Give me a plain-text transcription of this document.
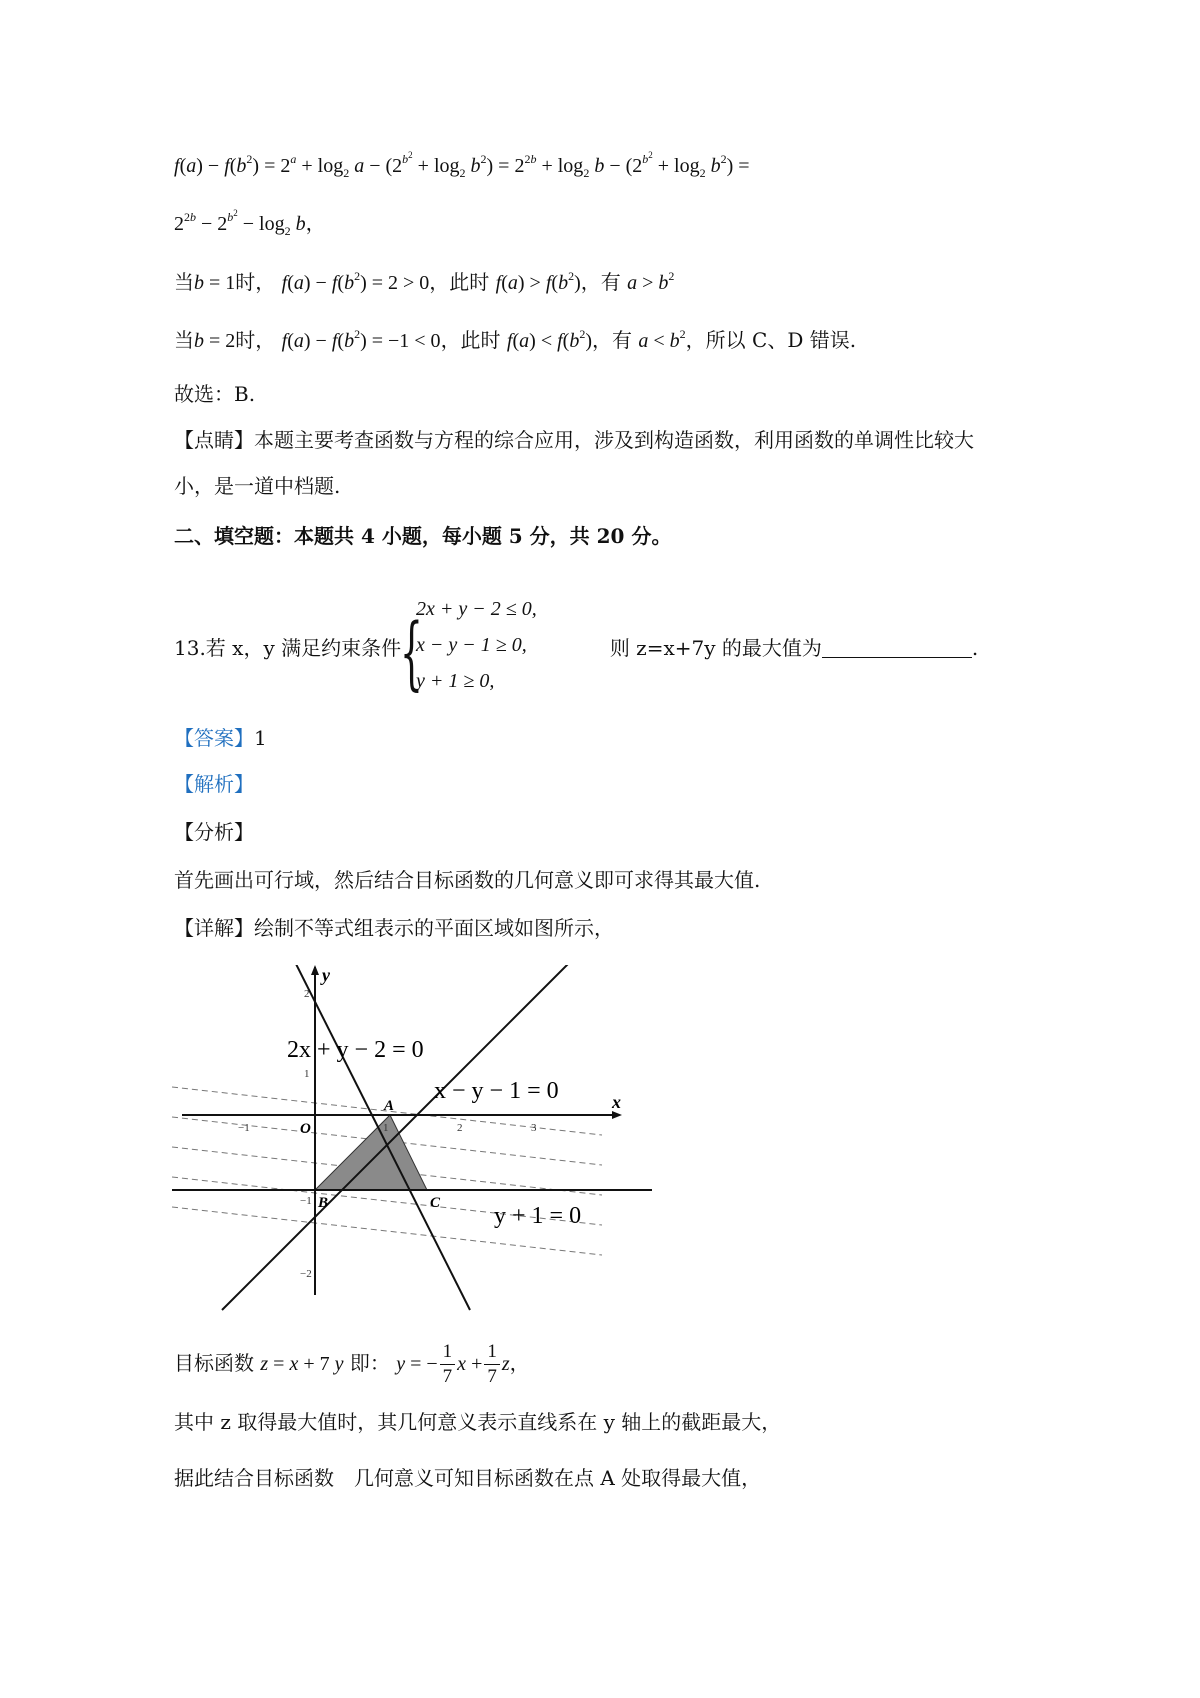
$f(a) - f(b^2) = 2^a + \log_2 a - (2^{b^2} + \log_2 b^2) = 2^{2b} + \log_2 b - (2^{b^2} + \log_2 b^2)$ =
$2^{2b} - 2^{b^2} - \log_2 b$，
当b = 1时， $f(a) - f(b^2) = 2 > 0$，此时 $f(a) > f(b^2)$，有 $a > b^2$
当b = 2时， $f(a) - f(b^2) = -1 < 0$，此时 $f(a) < f(b^2)$，有 $a < b^2$，所以 C、D 错误.
故选：B.
【点睛】本题主要考查函数与方程的综合应用，涉及到构造函数，利用函数的单调性比较大
小，是一道中档题.
二、填空题：本题共 4 小题，每小题 5 分，共 20 分。
13.若 x，y 满足约束条件	则 z=x+7y 的最大值为	.
{
2x + y − 2 ≤ 0,
x − y − 1 ≥ 0,
y + 1 ≥ 0,
【答案】1
【解析】
【分析】
首先画出可行域，然后结合目标函数的几何意义即可求得其最大值.
【详解】绘制不等式组表示的平面区域如图所示，
−1	1	2	3
2
1
−1
−2
x
y
O
A
B	C
2x + y − 2 = 0
x − y − 1 = 0
y + 1 = 0
目标函数 z = x + 7 y 即： y = − $\frac{1}{7}$ $x + \frac{1}{7}$ z，
其中 z 取得最大值时，其几何意义表示直线系在 y 轴上的截距最大，
据此结合目标函数　几何意义可知目标函数在点 A 处取得最大值，
